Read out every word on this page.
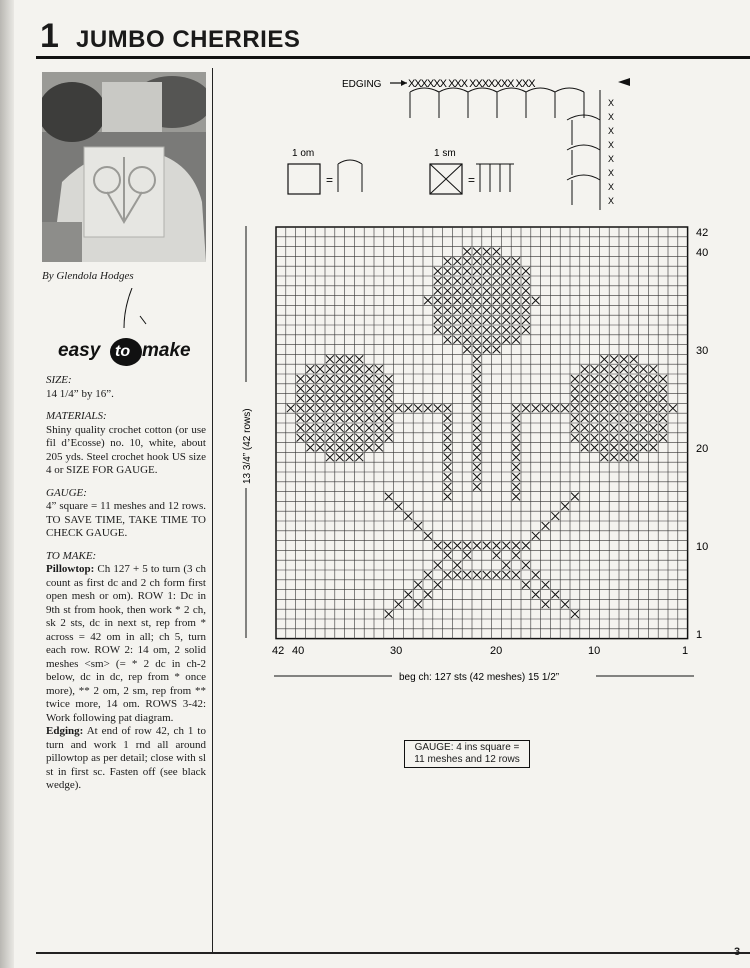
1 JUMBO CHERRIES
By Glendola Hodges
easy to make

SIZE:
14 1/4” by 16”.

MATERIALS:
Shiny quality crochet cotton (or use fil d’Ecosse) no. 10, white, about 205 yds. Steel crochet hook US size 4 or SIZE FOR GAUGE.

GAUGE:
4” square = 11 meshes and 12 rows. TO SAVE TIME, TAKE TIME TO CHECK GAUGE.

TO MAKE:
Pillowtop: Ch 127 + 5 to turn (3 ch count as first dc and 2 ch form first open mesh or om). ROW 1: Dc in 9th st from hook, then work * 2 ch, sk 2 sts, dc in next st, rep from * across = 42 om in all; ch 5, turn each row. ROW 2: 14 om, 2 solid meshes <sm> (= * 2 dc in ch-2 below, dc in dc, rep from * once more), ** 2 om, 2 sm, rep from ** twice more, 14 om. ROWS 3-42: Work following pat diagram.
Edging: At end of row 42, ch 1 to turn and work 1 rnd all around pillowtop as per detail; close with sl st in first sc. Fasten off (see black wedge).

EDGING XXXXXX XXX XXXXXXX XXX
X
X
X
X
X
X
X
X
1 om
=
1 sm
=
13 3/4” (42 rows)
42
40
30
20
10
1
42 40	30	20	10	1
beg ch: 127 sts (42 meshes) 15 1/2”
GAUGE: 4 ins square =
11 meshes and 12 rows
3
